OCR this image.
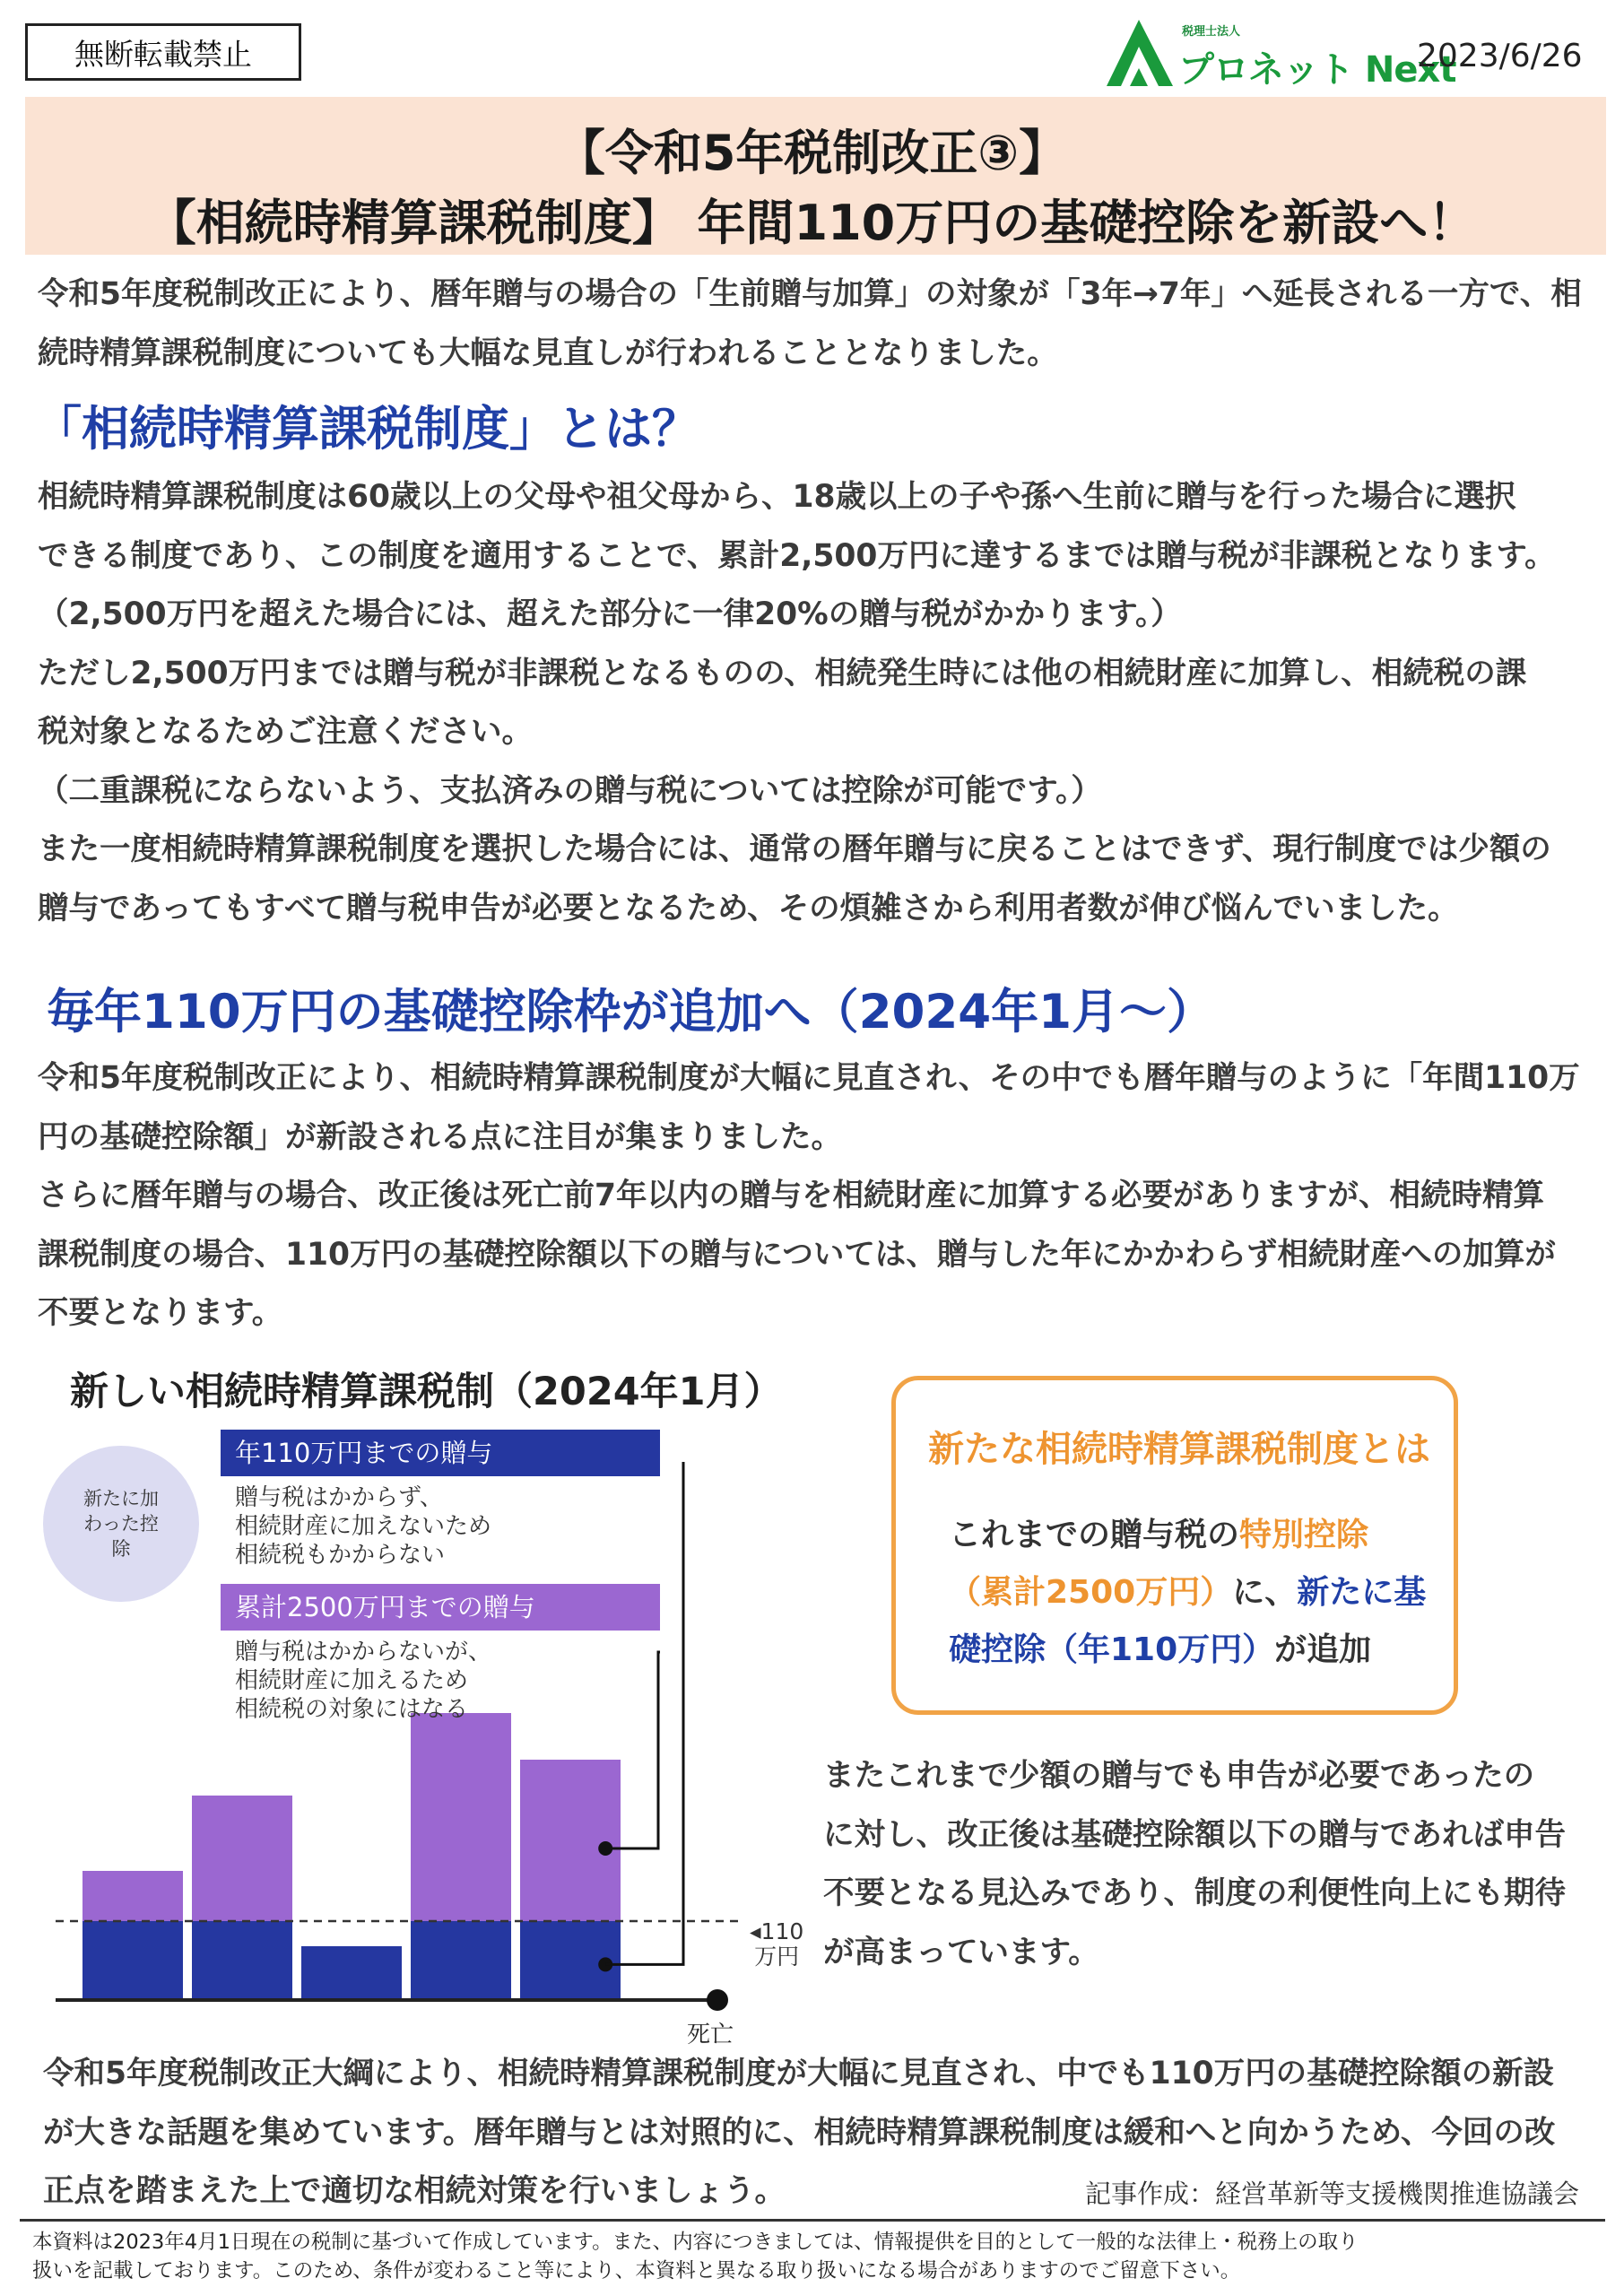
無断転載禁止
税理士法人
プロネット Next
2023/6/26
【令和5年税制改正③】
【相続時精算課税制度】 年間110万円の基礎控除を新設へ！
令和5年度税制改正により、暦年贈与の場合の「生前贈与加算」の対象が「3年→7年」へ延長される一方で、相
続時精算課税制度についても大幅な見直しが行われることとなりました。
「相続時精算課税制度」とは？
相続時精算課税制度は60歳以上の父母や祖父母から、18歳以上の子や孫へ生前に贈与を行った場合に選択
できる制度であり、この制度を適用することで、累計2,500万円に達するまでは贈与税が非課税となります。
（2,500万円を超えた場合には、超えた部分に一律20%の贈与税がかかります。）
ただし2,500万円までは贈与税が非課税となるものの、相続発生時には他の相続財産に加算し、相続税の課
税対象となるためご注意ください。
（二重課税にならないよう、支払済みの贈与税については控除が可能です。）
また一度相続時精算課税制度を選択した場合には、通常の暦年贈与に戻ることはできず、現行制度では少額の
贈与であってもすべて贈与税申告が必要となるため、その煩雑さから利用者数が伸び悩んでいました。
毎年110万円の基礎控除枠が追加へ（2024年1月～）
令和5年度税制改正により、相続時精算課税制度が大幅に見直され、その中でも暦年贈与のように「年間110万
円の基礎控除額」が新設される点に注目が集まりました。
さらに暦年贈与の場合、改正後は死亡前7年以内の贈与を相続財産に加算する必要がありますが、相続時精算
課税制度の場合、110万円の基礎控除額以下の贈与については、贈与した年にかかわらず相続財産への加算が
不要となります。
新しい相続時精算課税制（2024年1月）
新たに加わった控除
年110万円までの贈与
贈与税はかからず、
相続財産に加えないため
相続税もかからない
累計2500万円までの贈与
贈与税はかからないが、
相続財産に加えるため
相続税の対象にはなる
◂110
万円
死亡
新たな相続時精算課税制度とは
これまでの贈与税の特別控除
（累計2500万円）に、新たに基
礎控除（年110万円）が追加
またこれまで少額の贈与でも申告が必要であったの
に対し、改正後は基礎控除額以下の贈与であれば申告
不要となる見込みであり、制度の利便性向上にも期待
が高まっています。
令和5年度税制改正大綱により、相続時精算課税制度が大幅に見直され、中でも110万円の基礎控除額の新設
が大きな話題を集めています。暦年贈与とは対照的に、相続時精算課税制度は緩和へと向かうため、今回の改
正点を踏まえた上で適切な相続対策を行いましょう。	記事作成：経営革新等支援機関推進協議会
本資料は2023年4月1日現在の税制に基づいて作成しています。また、内容につきましては、情報提供を目的として一般的な法律上・税務上の取り
扱いを記載しております。このため、条件が変わること等により、本資料と異なる取り扱いになる場合がありますのでご留意下さい。
